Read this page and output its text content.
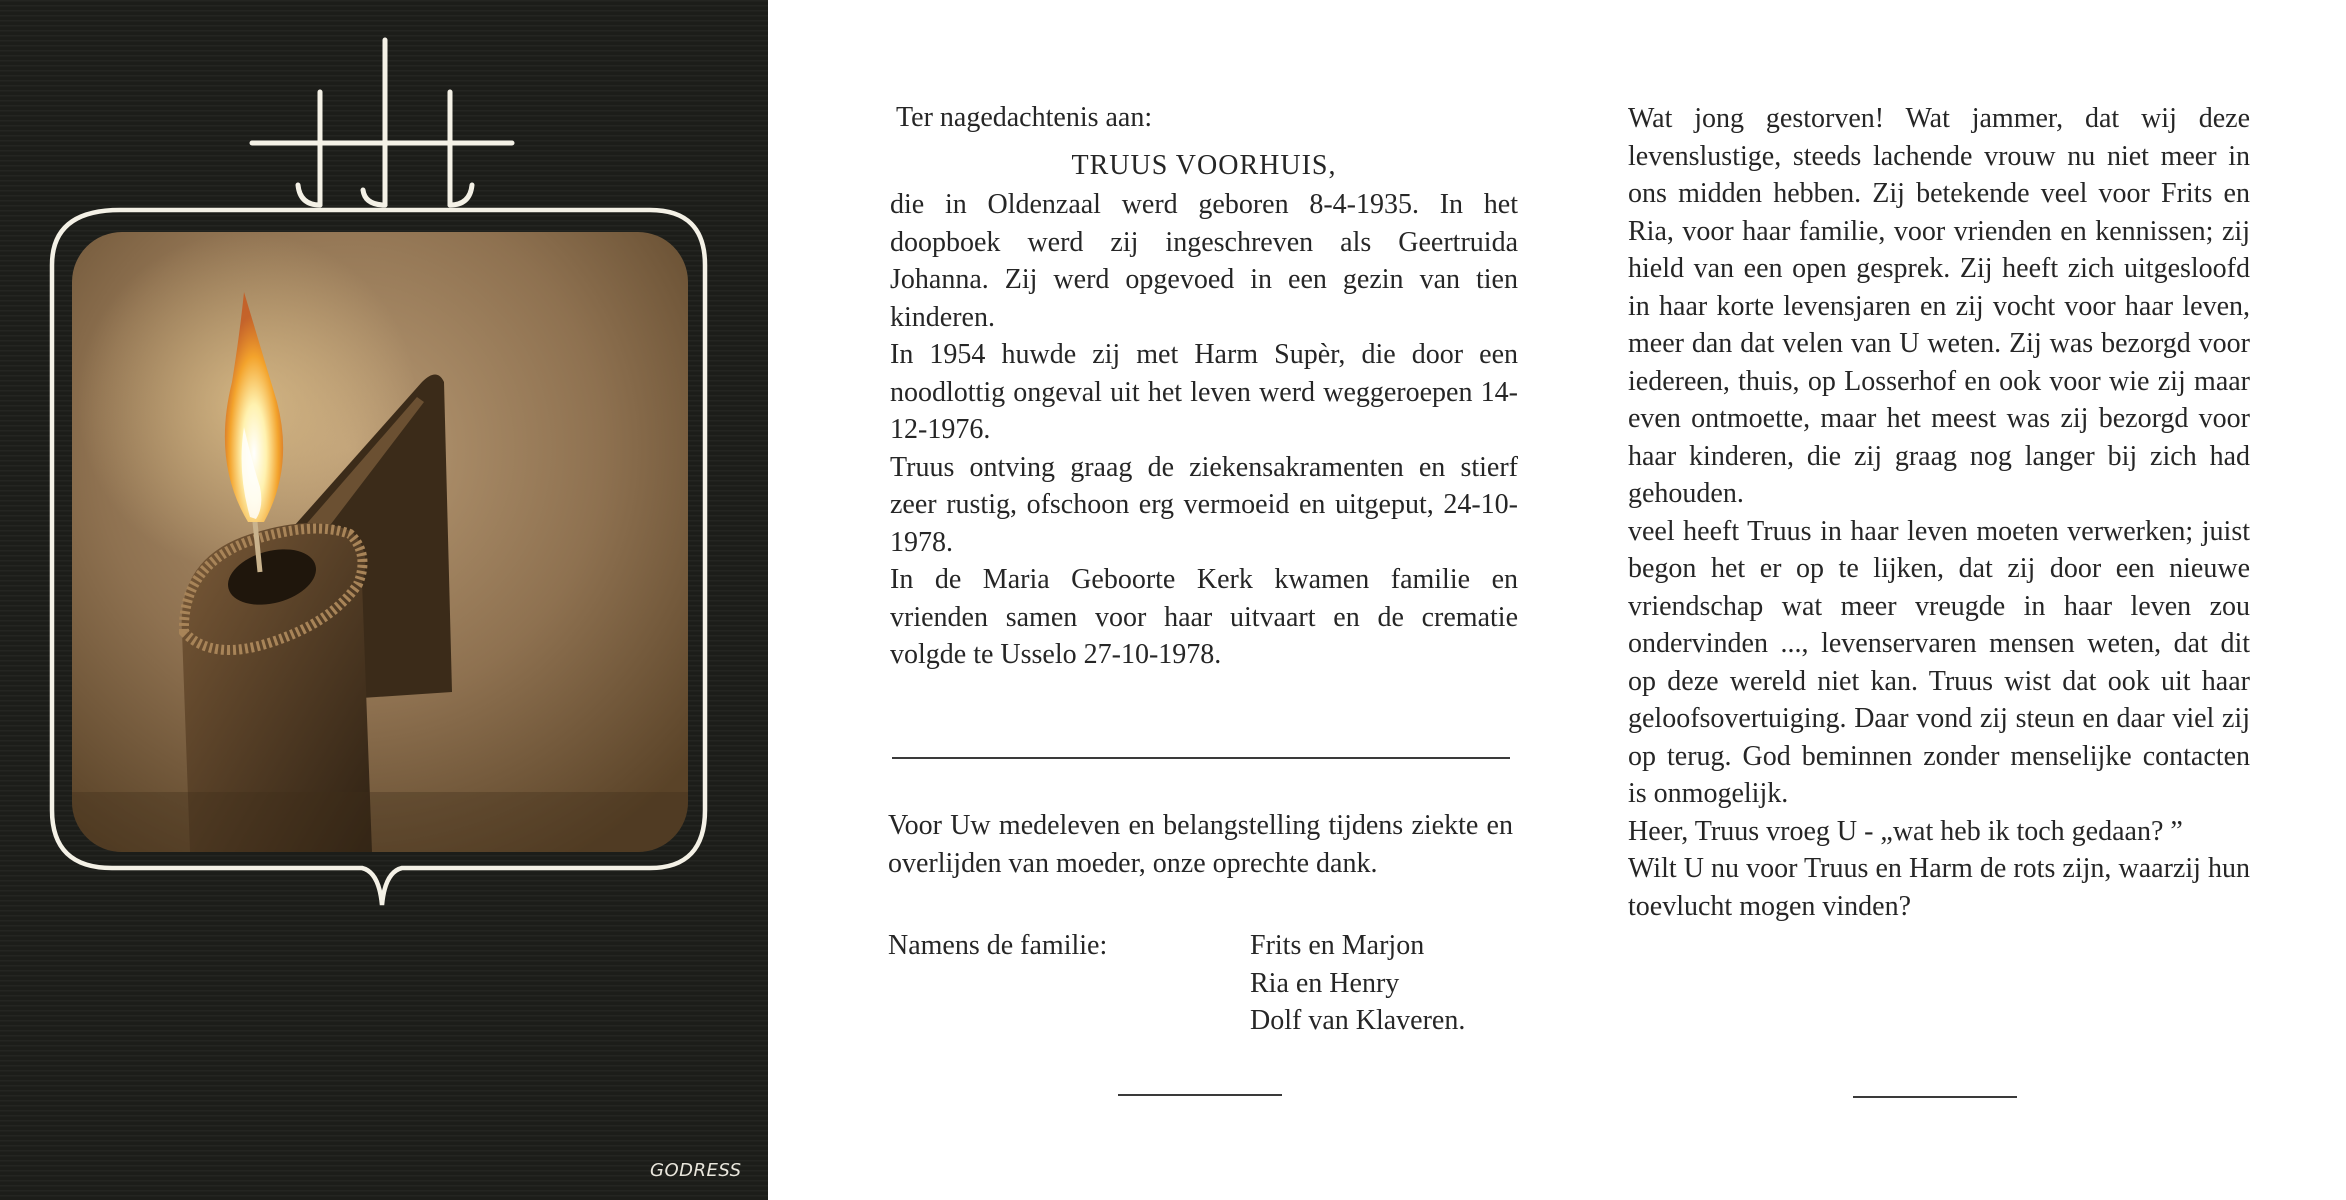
GODRESS
Ter nagedachtenis aan:
TRUUS VOORHUIS,

die in Oldenzaal werd geboren 8-4-1935. In het doopboek werd zij ingeschreven als Geertruida Johanna. Zij werd opgevoed in een gezin van tien kinderen.

In 1954 huwde zij met Harm Supèr, die door een noodlottig ongeval uit het leven werd weggeroepen 14-12-1976.

Truus ontving graag de ziekensakramenten en stierf zeer rustig, ofschoon erg vermoeid en uitgeput, 24-10-1978.

In de Maria Geboorte Kerk kwamen familie en vrienden samen voor haar uitvaart en de crematie volgde te Usselo 27-10-1978.

Voor Uw medeleven en belangstelling tijdens ziekte en overlijden van moeder, onze oprechte dank.

Namens de familie:	Frits en Marjon
Ria en Henry
Dolf van Klaveren.

Wat jong gestorven! Wat jammer, dat wij deze levenslustige, steeds lachende vrouw nu niet meer in ons midden hebben. Zij betekende veel voor Frits en Ria, voor haar familie, voor vrienden en kennissen; zij hield van een open gesprek. Zij heeft zich uitgesloofd in haar korte levensjaren en zij vocht voor haar leven, meer dan dat velen van U weten. Zij was bezorgd voor iedereen, thuis, op Losserhof en ook voor wie zij maar even ontmoette, maar het meest was zij bezorgd voor haar kinderen, die zij graag nog langer bij zich had gehouden.

veel heeft Truus in haar leven moeten verwerken; juist begon het er op te lijken, dat zij door een nieuwe vriendschap wat meer vreugde in haar leven zou ondervinden ..., levenservaren mensen weten, dat dit op deze wereld niet kan. Truus wist dat ook uit haar geloofsovertuiging. Daar vond zij steun en daar viel zij op terug. God beminnen zonder menselijke contacten is onmogelijk.

Heer, Truus vroeg U - „wat heb ik toch gedaan? ”

Wilt U nu voor Truus en Harm de rots zijn, waarzij hun toevlucht mogen vinden?
